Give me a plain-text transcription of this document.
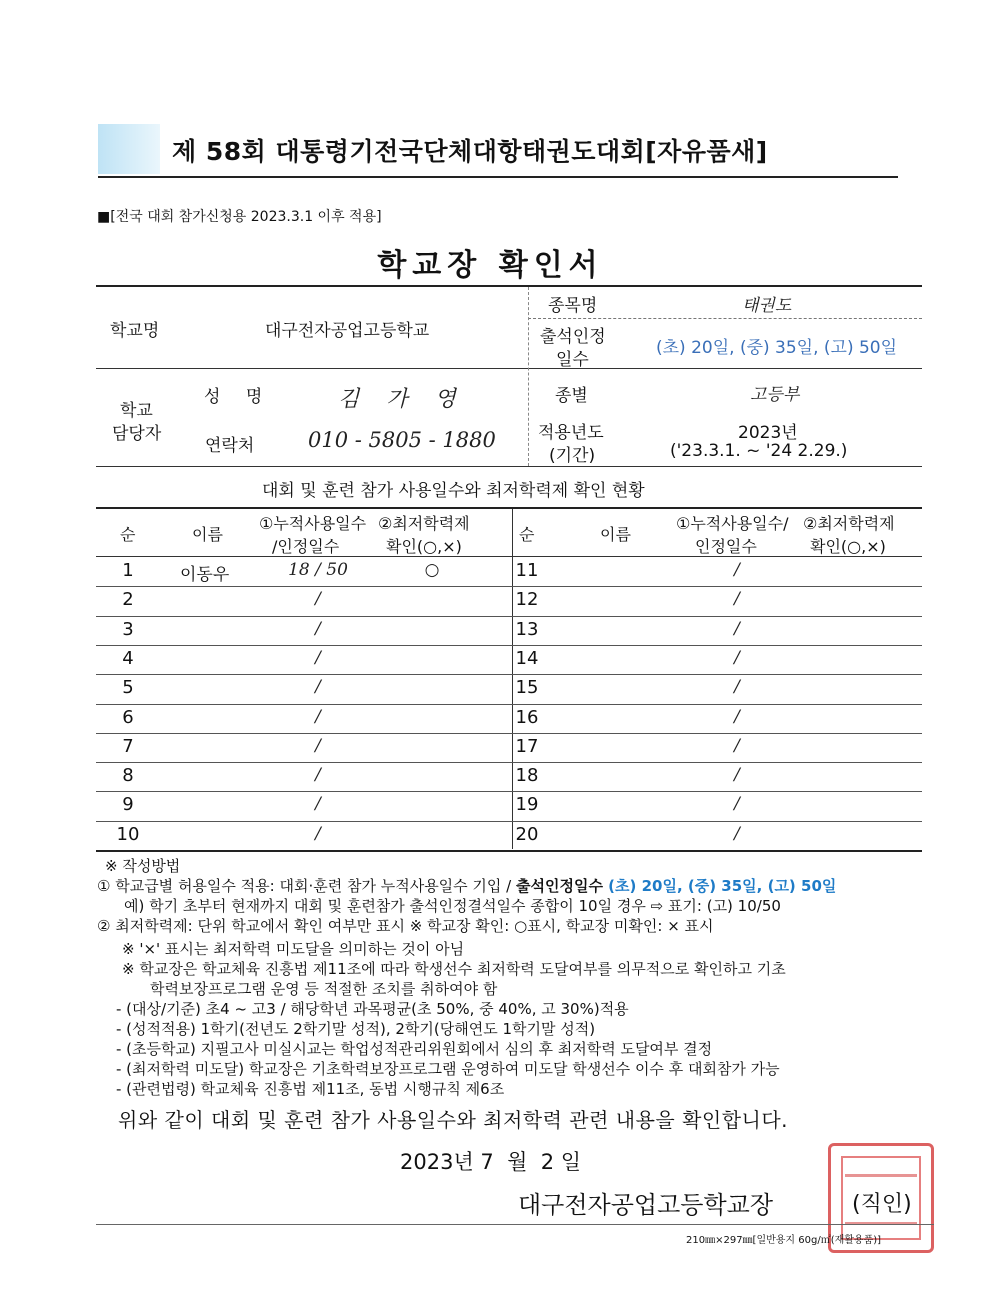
제 58회 대통령기전국단체대항태권도대회[자유품새]
■[전국 대회 참가신청용 2023.3.1 이후 적용]
학교장 확인서
학교명	대구전자공업고등학교
종목명	태권도
출석인정
일수
(초) 20일, (중) 35일, (고) 50일
학교
담당자
성 명	김 가 영
연락처	010 - 5805 - 1880
종별	고등부
적용년도
(기간)
2023년
('23.3.1. ~ '24 2.29.)
대회 및 훈련 참가 사용일수와 최저학력제 확인 현황
순	이름
①누적사용일수
/인정일수
②최저학력제
확인(○,×)
순	이름
①누적사용일수/
인정일수
②최저학력제
확인(○,×)
1	이동우	18 / 50	○	11	/
2	/	12	/
3	/	13	/
4	/	14	/
5	/	15	/
6	/	16	/
7	/	17	/
8	/	18	/
9	/	19	/
10	/	20	/
※ 작성방법
① 학교급별 허용일수 적용: 대회·훈련 참가 누적사용일수 기입 / 출석인정일수 (초) 20일, (중) 35일, (고) 50일
예) 학기 초부터 현재까지 대회 및 훈련참가 출석인정결석일수 종합이 10일 경우 ⇨ 표기: (고) 10/50
② 최저학력제: 단위 학교에서 확인 여부만 표시 ※ 학교장 확인: ○표시, 학교장 미확인: × 표시
※ '×' 표시는 최저학력 미도달을 의미하는 것이 아님
※ 학교장은 학교체육 진흥법 제11조에 따라 학생선수 최저학력 도달여부를 의무적으로 확인하고 기초
학력보장프로그램 운영 등 적절한 조치를 취하여야 함
- (대상/기준) 초4 ~ 고3 / 해당학년 과목평균(초 50%, 중 40%, 고 30%)적용
- (성적적용) 1학기(전년도 2학기말 성적), 2학기(당해연도 1학기말 성적)
- (초등학교) 지필고사 미실시교는 학업성적관리위원회에서 심의 후 최저학력 도달여부 결정
- (최저학력 미도달) 학교장은 기초학력보장프로그램 운영하여 미도달 학생선수 이수 후 대회참가 가능
- (관련법령) 학교체육 진흥법 제11조, 동법 시행규칙 제6조
위와 같이 대회 및 훈련 참가 사용일수와 최저학력 관련 내용을 확인합니다.
2023년 7  월  2 일
대구전자공업고등학교장	(직인)
210㎜×297㎜[일반용지 60g/㎡(재활용품)]
